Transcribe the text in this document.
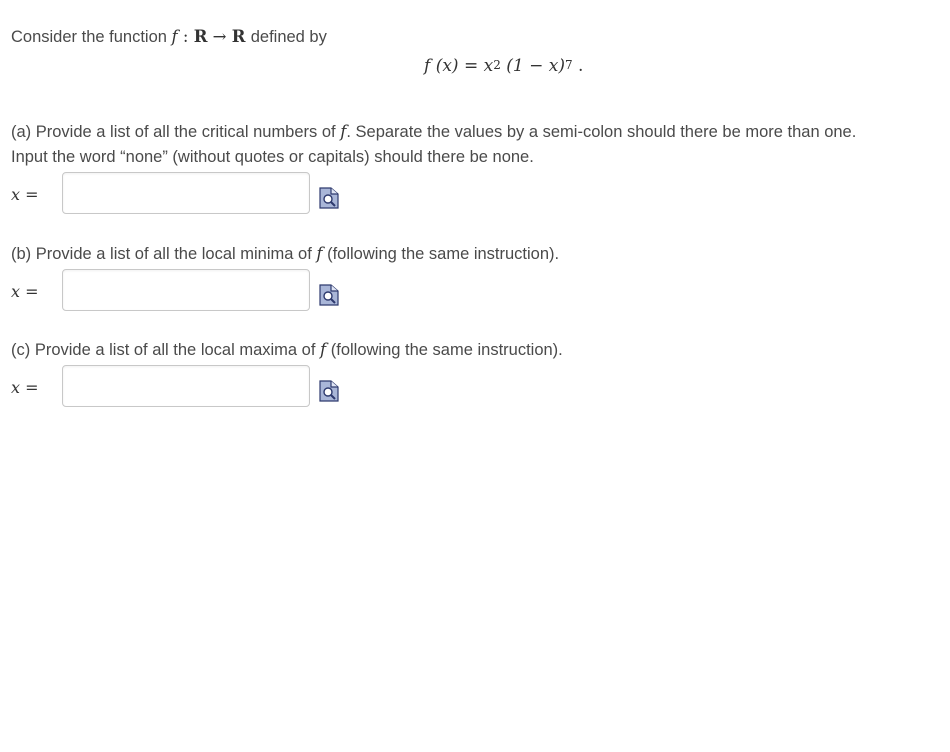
Consider the function f : R → R defined by
f $(x) = x^2$ $(1 - x)^7$ .
(a) Provide a list of all the critical numbers of f. Separate the values by a semi-colon should there be more than one.
Input the word “none” (without quotes or capitals) should there be none.
x =
(b) Provide a list of all the local minima of f (following the same instruction).
x =
(c) Provide a list of all the local maxima of f (following the same instruction).
x =
